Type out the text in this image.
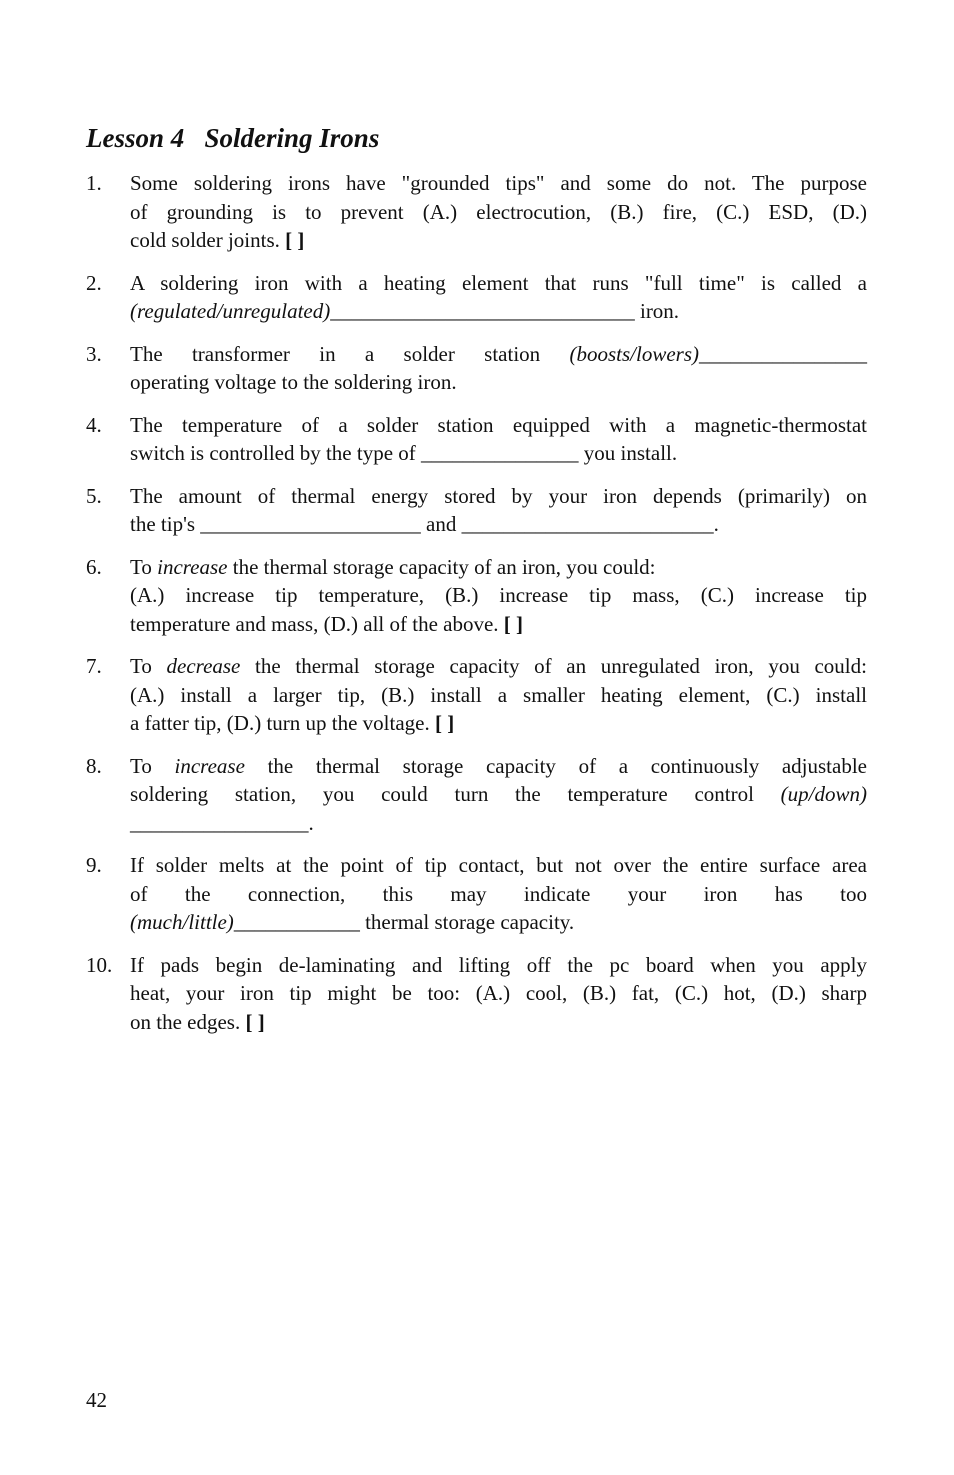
Lesson 4   Soldering Irons
1. Some soldering irons have "grounded tips" and some do not. The purpose
of grounding is to prevent (A.) electrocution, (B.) fire, (C.) ESD, (D.)
cold solder joints. [ ]
2. A soldering iron with a heating element that runs "full time" is called a
(regulated/unregulated)_____________________________ iron.
3. The transformer in a solder station (boosts/lowers)________________
operating voltage to the soldering iron.
4. The temperature of a solder station equipped with a magnetic-thermostat
switch is controlled by the type of _______________ you install.
5. The amount of thermal energy stored by your iron depends (primarily) on
the tip's _____________________ and ________________________.
6. To increase the thermal storage capacity of an iron, you could:
(A.) increase tip temperature, (B.) increase tip mass, (C.) increase tip
temperature and mass, (D.) all of the above. [ ]
7. To decrease the thermal storage capacity of an unregulated iron, you could:
(A.) install a larger tip, (B.) install a smaller heating element, (C.) install
a fatter tip, (D.) turn up the voltage. [ ]
8. To increase the thermal storage capacity of a continuously adjustable
soldering station, you could turn the temperature control (up/down)
_________________.
9. If solder melts at the point of tip contact, but not over the entire surface area
of the connection, this may indicate your iron has too
(much/little)____________ thermal storage capacity.
10. If pads begin de-laminating and lifting off the pc board when you apply
heat, your iron tip might be too: (A.) cool, (B.) fat, (C.) hot, (D.) sharp
on the edges. [ ]
42
